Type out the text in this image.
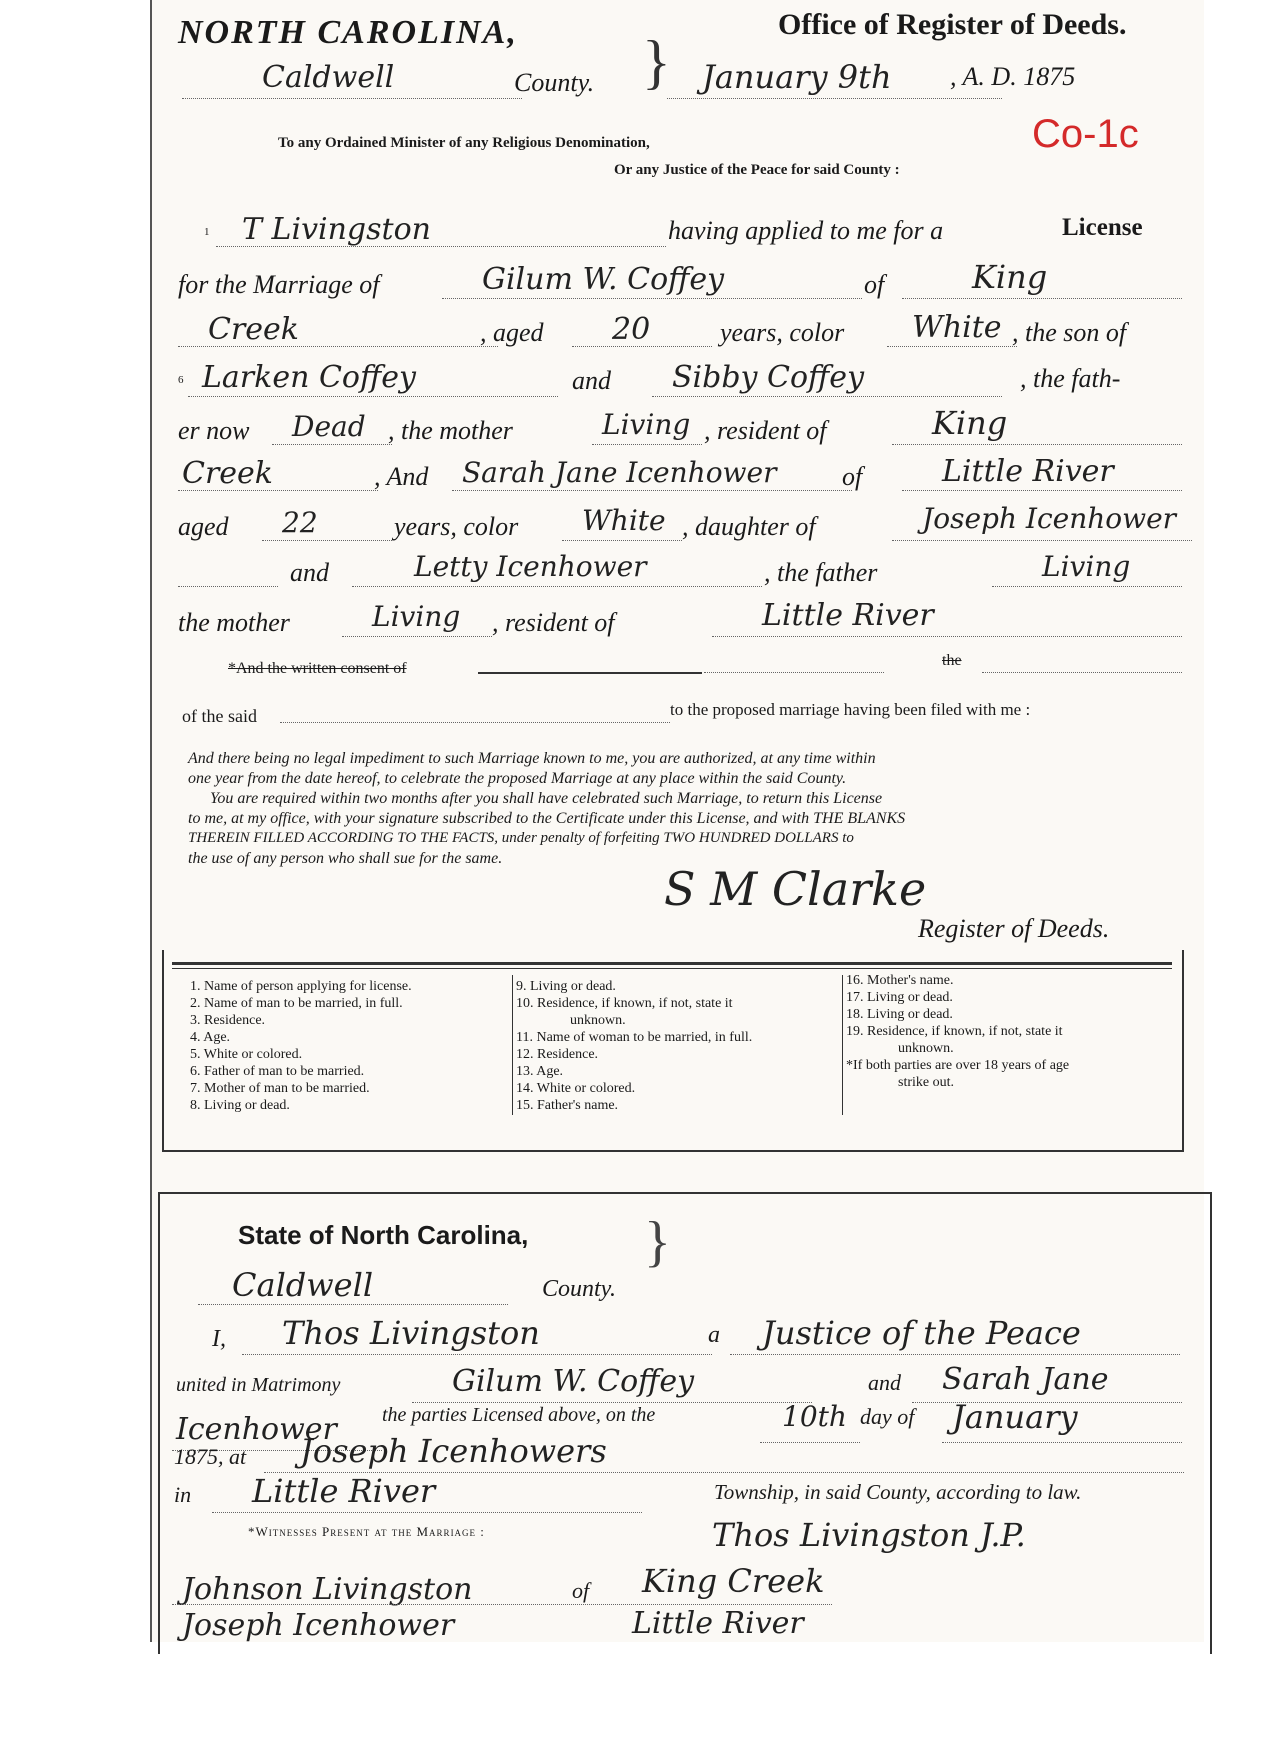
NORTH CAROLINA,	Office of Register of Deeds.
Caldwell	County. } January 9th , A. D. 1875
Co-1c
To any Ordained Minister of any Religious Denomination,
Or any Justice of the Peace for said County :
1 T Livingston	having applied to me for a	License
for the Marriage of	Gilum W. Coffey	of	King
Creek	, aged 20	years, color White , the son of
6 Larken Coffey	and Sibby Coffey	, the fath-
er now Dead , the mother	Living , resident of	King
Creek	, And Sarah Jane Icenhower	of	Little River
aged 22	years, color White , daughter of	Joseph Icenhower
and	Letty Icenhower	, the father	Living
the mother	Living , resident of	Little River
*And the written consent of	the
of the said	to the proposed marriage having been filed with me :
And there being no legal impediment to such Marriage known to me, you are authorized, at any time within
one year from the date hereof, to celebrate the proposed Marriage at any place within the said County.
You are required within two months after you shall have celebrated such Marriage, to return this License
to me, at my office, with your signature subscribed to the Certificate under this License, and with THE BLANKS
THEREIN FILLED ACCORDING TO THE FACTS, under penalty of forfeiting TWO HUNDRED DOLLARS to
the use of any person who shall sue for the same.
S M Clarke
Register of Deeds.
1. Name of person applying for license.
2. Name of man to be married, in full.
3. Residence.
4. Age.
5. White or colored.
6. Father of man to be married.
7. Mother of man to be married.
8. Living or dead.
9. Living or dead.
10. Residence, if known, if not, state it
unknown.
11. Name of woman to be married, in full.
12. Residence.
13. Age.
14. White or colored.
15. Father's name.
16. Mother's name.
17. Living or dead.
18. Living or dead.
19. Residence, if known, if not, state it
unknown.
*If both parties are over 18 years of age
strike out.
State of North Carolina, }
Caldwell	County.
I, Thos Livingston	a Justice of the Peace
united in Matrimony	Gilum W. Coffey	and Sarah Jane
Icenhower the parties Licensed above, on the	10th day of January
1875, at Joseph Icenhowers
in Little River	Township, in said County, according to law.
*Witnesses Present at the Marriage :	Thos Livingston J.P.
Johnson Livingston	of King Creek
Joseph Icenhower	Little River
